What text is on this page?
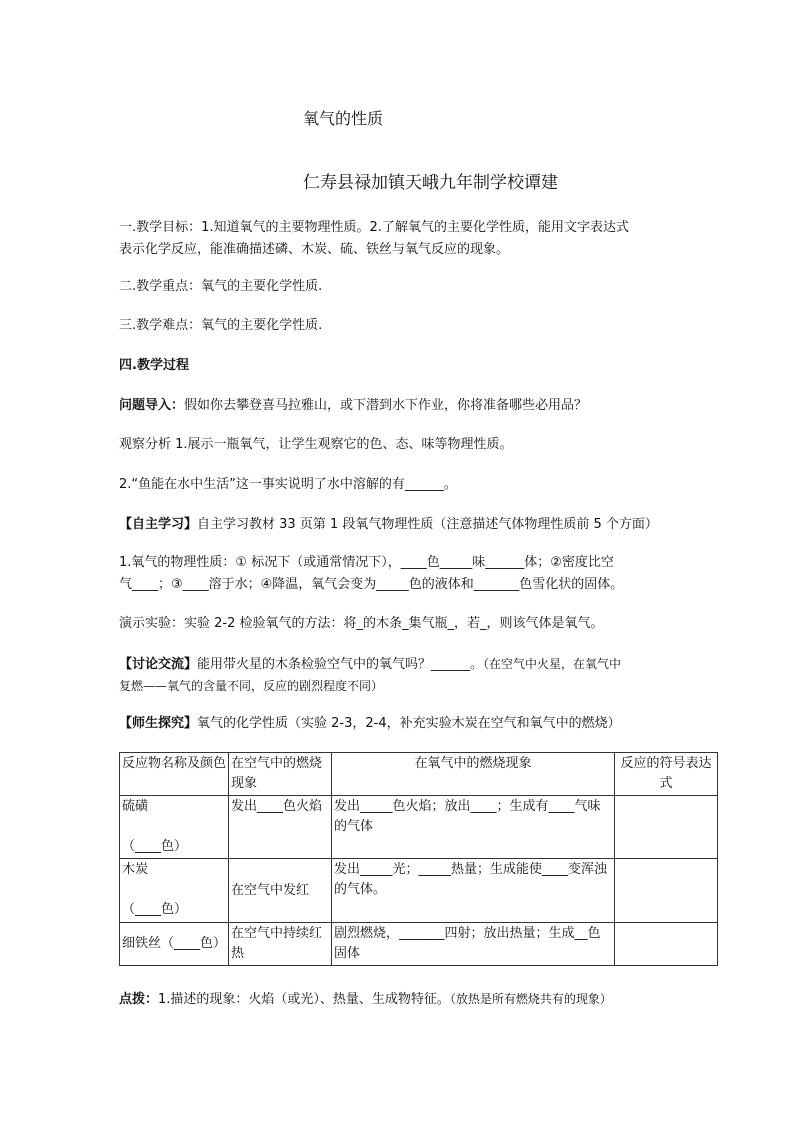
氧气的性质
仁寿县禄加镇天峨九年制学校谭建
一.教学目标：1.知道氧气的主要物理性质。2.了解氧气的主要化学性质，能用文字表达式
表示化学反应，能准确描述磷、木炭、硫、铁丝与氧气反应的现象。
二.教学重点：氧气的主要化学性质.
三.教学难点：氧气的主要化学性质.
四.教学过程
问题导入：假如你去攀登喜马拉雅山，或下潜到水下作业，你将准备哪些必用品？
观察分析 1.展示一瓶氧气，让学生观察它的色、态、味等物理性质。
2.“鱼能在水中生活”这一事实说明了水中溶解的有______。
【自主学习】自主学习教材 33 页第 1 段氧气物理性质（注意描述气体物理性质前 5 个方面）
1.氧气的物理性质：① 标况下（或通常情况下），____色_____味______体；②密度比空
气____；③____溶于水；④降温，氧气会变为_____色的液体和_______色雪化状的固体。
演示实验：实验 2-2 检验氧气的方法：将_的木条_集气瓶_，若_，则该气体是氧气。
【讨论交流】能用带火星的木条检验空气中的氧气吗？______。（在空气中火星，在氧气中
复燃——氧气的含量不同，反应的剧烈程度不同）
【师生探究】氧气的化学性质（实验 2-3，2-4，补充实验木炭在空气和氧气中的燃烧）
反应物名称及颜色	在空气中的燃烧现象	在氧气中的燃烧现象	反应的符号表达式

硫磺
（____色）	发出____色火焰	发出_____色火焰；放出____；生成有____气味的气体	

木炭
（____色）	在空气中发红	发出_____光；_____热量；生成能使____变浑浊的气体。	
细铁丝（____色）	在空气中持续红热	剧烈燃烧，_______四射；放出热量；生成__色固体	
点拨：1.描述的现象：火焰（或光）、热量、生成物特征。（放热是所有燃烧共有的现象）
